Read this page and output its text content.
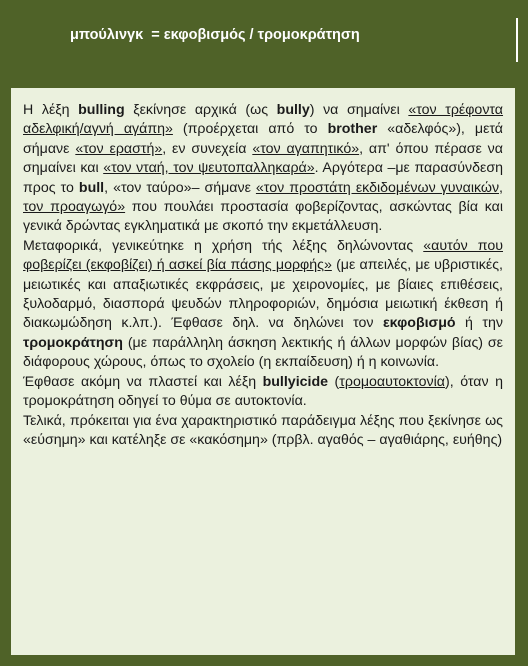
μπούλινγκ  = εκφοβισμός / τρομοκράτηση

Η λέξη bulling ξεκίνησε αρχικά (ως bully) να σημαίνει «τον τρέφοντα αδελφική/αγνή αγάπη» (προέρχεται από το brother «αδελφός»), μετά σήμανε «τον εραστή», εν συνεχεία «τον αγαπητικό», απ' όπου πέρασε να σημαίνει και «τον νταή, τον ψευτοπαλληκαρά». Αργότερα –με παρασύνδεση προς το bull, «τον ταύρο»– σήμανε «τον προστάτη εκδιδομένων γυναικών, τον προαγωγό» που πουλάει προστασία φοβερίζοντας, ασκώντας βία και γενικά δρώντας εγκληματικά με σκοπό την εκμετάλλευση.

Μεταφορικά, γενικεύτηκε η χρήση τής λέξης δηλώνοντας «αυτόν που φοβερίζει (εκφοβίζει) ή ασκεί βία πάσης μορφής» (με απειλές, με υβριστικές, μειωτικές και απαξιωτικές εκφράσεις, με χειρονομίες, με βίαιες επιθέσεις, ξυλοδαρμό, διασπορά ψευδών πληροφοριών, δημόσια μειωτική έκθεση ή διακωμώδηση κ.λπ.). Έφθασε δηλ. να δηλώνει τον εκφοβισμό ή την τρομοκράτηση (με παράλληλη άσκηση λεκτικής ή άλλων μορφών βίας) σε διάφορους χώρους, όπως το σχολείο (η εκπαίδευση) ή η κοινωνία.

Έφθασε ακόμη να πλαστεί και λέξη bullyicide (τρομοαυτοκτονία), όταν η τρομοκράτηση οδηγεί τo θύμα σε αυτοκτονία.

Τελικά, πρόκειται για ένα χαρακτηριστικό παράδειγμα λέξης που ξεκίνησε ως «εύσημη» και κατέληξε σε «κακόσημη» (πρβλ. αγαθός – αγαθιάρης, ευήθης)
